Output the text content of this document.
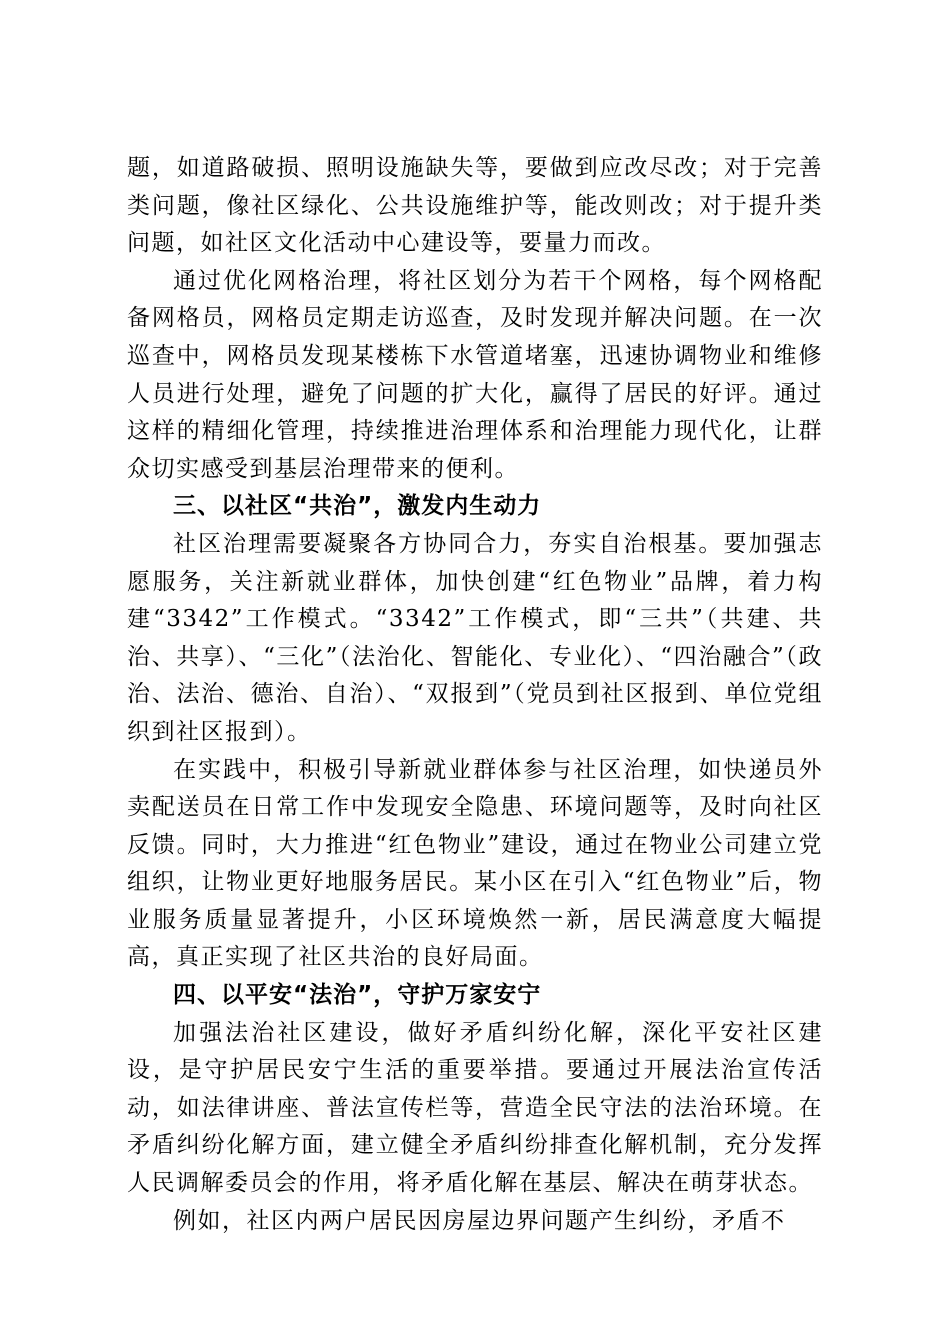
题，如道路破损、照明设施缺失等，要做到应改尽改；对于完善类问题，像社区绿化、公共设施维护等，能改则改；对于提升类问题，如社区文化活动中心建设等，要量力而改。

通过优化网格治理，将社区划分为若干个网格，每个网格配备网格员，网格员定期走访巡查，及时发现并解决问题。在一次巡查中，网格员发现某楼栋下水管道堵塞，迅速协调物业和维修人员进行处理，避免了问题的扩大化，赢得了居民的好评。通过这样的精细化管理，持续推进治理体系和治理能力现代化，让群众切实感受到基层治理带来的便利。

三、以社区“共治”，激发内生动力

社区治理需要凝聚各方协同合力，夯实自治根基。要加强志愿服务，关注新就业群体，加快创建“红色物业”品牌，着力构建“3342”工作模式。“3342”工作模式，即“三共”（共建、共治、共享）、“三化”（法治化、智能化、专业化）、“四治融合”（政治、法治、德治、自治）、“双报到”（党员到社区报到、单位党组织到社区报到）。

在实践中，积极引导新就业群体参与社区治理，如快递员外卖配送员在日常工作中发现安全隐患、环境问题等，及时向社区反馈。同时，大力推进“红色物业”建设，通过在物业公司建立党组织，让物业更好地服务居民。某小区在引入“红色物业”后，物业服务质量显著提升，小区环境焕然一新，居民满意度大幅提高，真正实现了社区共治的良好局面。

四、以平安“法治”，守护万家安宁

加强法治社区建设，做好矛盾纠纷化解，深化平安社区建设，是守护居民安宁生活的重要举措。要通过开展法治宣传活动，如法律讲座、普法宣传栏等，营造全民守法的法治环境。在矛盾纠纷化解方面，建立健全矛盾纠纷排查化解机制，充分发挥人民调解委员会的作用，将矛盾化解在基层、解决在萌芽状态。

例如，社区内两户居民因房屋边界问题产生纠纷，矛盾不
